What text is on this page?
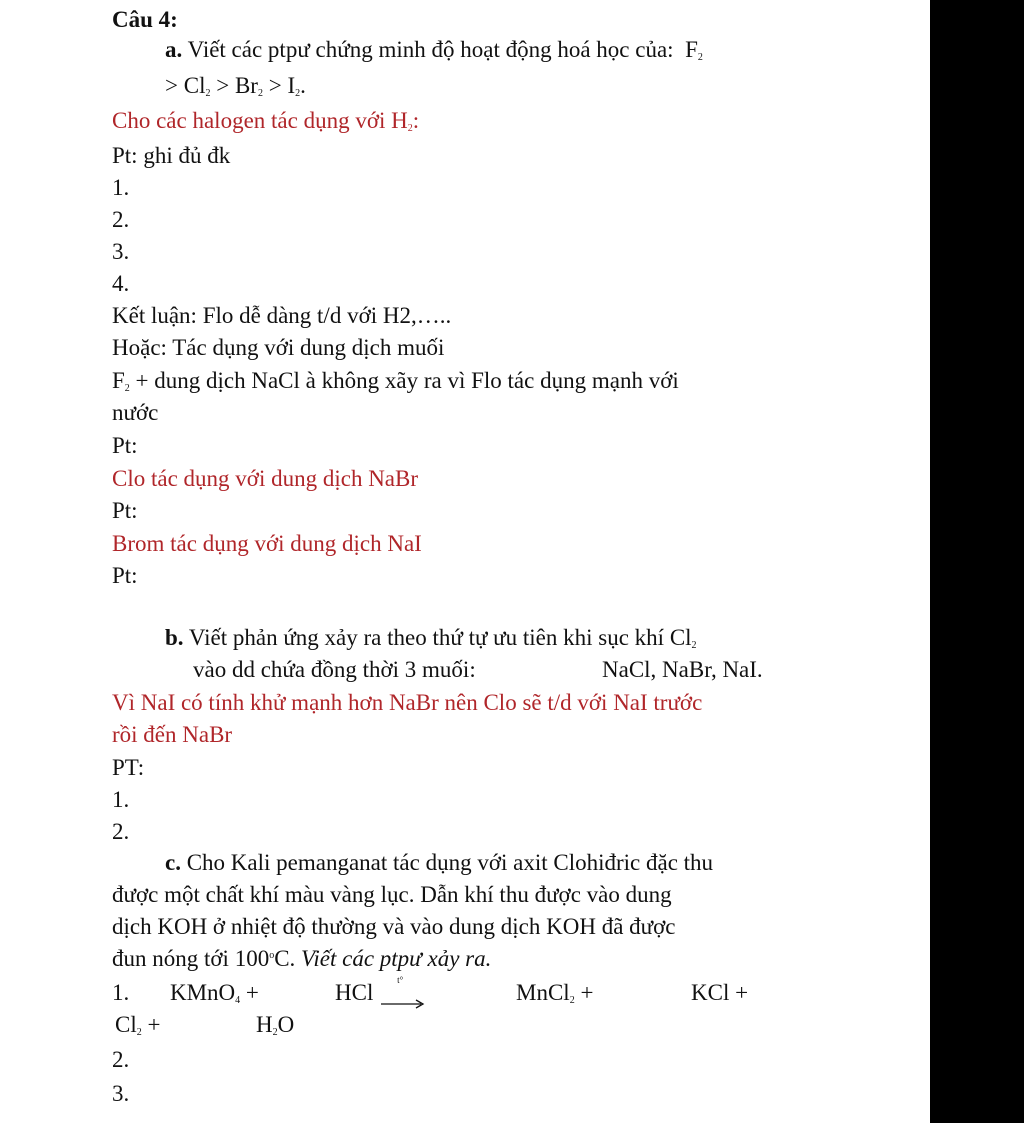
Câu 4:
a. Viết các ptpư chứng minh độ hoạt động hoá học của: $F_2$
> $Cl_2 > Br_2 > I_2$.
Cho các halogen tác dụng với $H_2$:
Pt: ghi đủ đk
1.
2.
3.
4.
Kết luận: Flo dễ dàng t/d với H2,…..
Hoặc: Tác dụng với dung dịch muối
$F_2$ + dung dịch NaCl à không xãy ra vì Flo tác dụng mạnh với
nước
Pt:
Clo tác dụng với dung dịch NaBr
Pt:
Brom tác dụng với dung dịch NaI
Pt:
b. Viết phản ứng xảy ra theo thứ tự ưu tiên khi sục khí $Cl_2$
vào dd chứa đồng thời 3 muối:	NaCl, NaBr, NaI.
Vì NaI có tính khử mạnh hơn NaBr nên Clo sẽ t/d với NaI trước
rồi đến NaBr
PT:
1.
2.
c. Cho Kali pemanganat tác dụng với axit Clohiđric đặc thu
được một chất khí màu vàng lục. Dẫn khí thu được vào dung
dịch KOH ở nhiệt độ thường và vào dung dịch KOH đã được
đun nóng tới 100$^o$C. Viết các ptpư xảy ra.
1. KMnO$_4$ +	HCl
t°
MnCl$_2$ +	KCl +
$Cl_2$ +	$H_2O$
2.
3.
